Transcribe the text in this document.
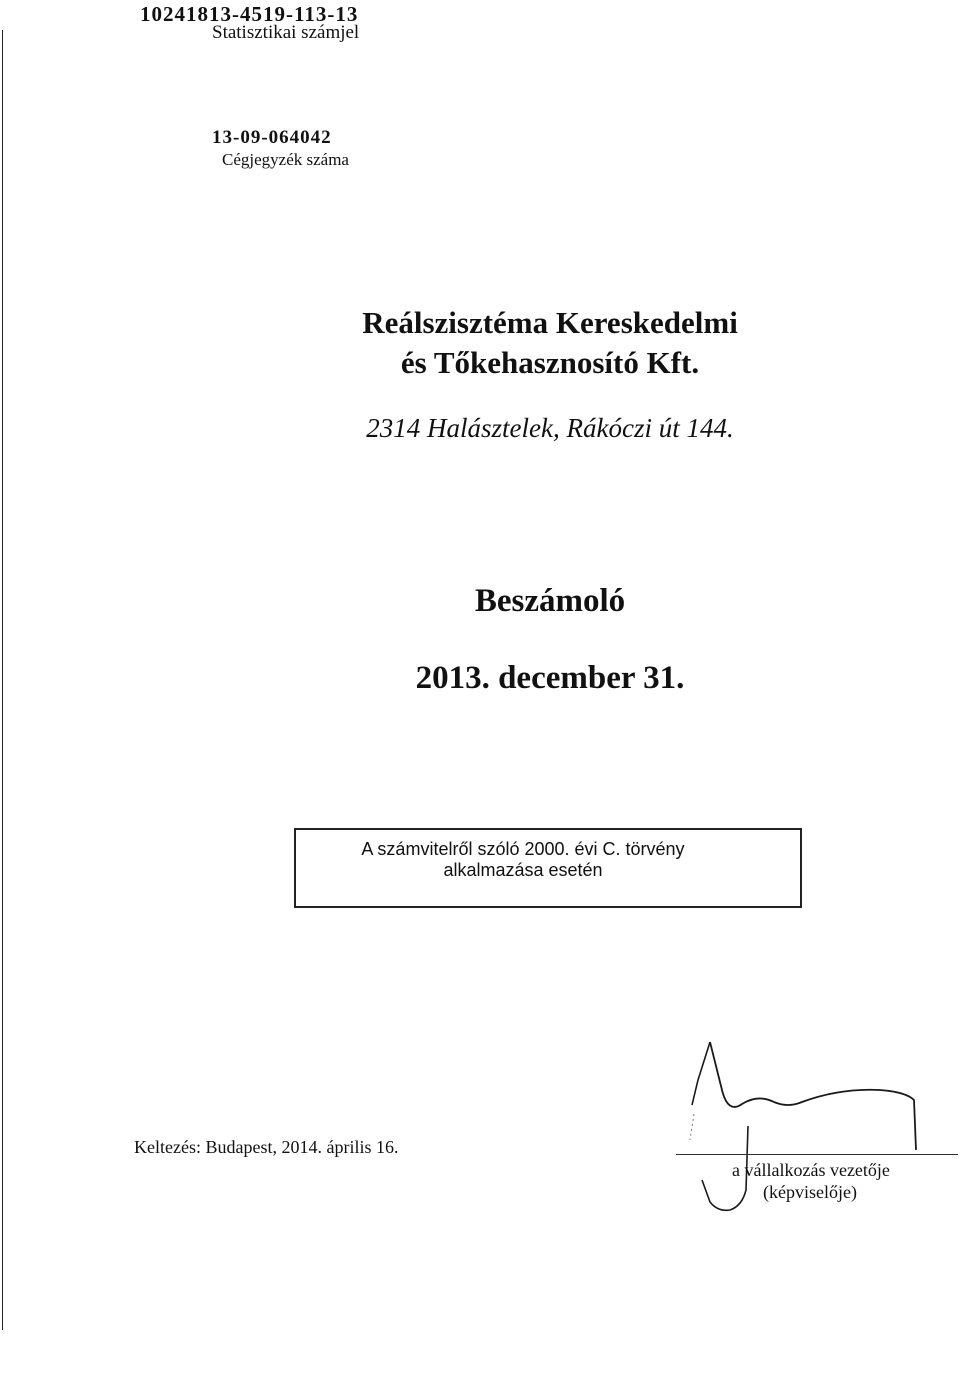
10241813-4519-113-13
Statisztikai számjel
13-09-064042
Cégjegyzék száma
Reálszisztéma Kereskedelmi
és Tőkehasznosító Kft.
2314 Halásztelek, Rákóczi út 144.
Beszámoló
2013. december 31.
A számvitelről szóló 2000. évi C. törvény
alkalmazása esetén
Keltezés: Budapest, 2014. április 16.
a vállalkozás vezetője
(képviselője)
